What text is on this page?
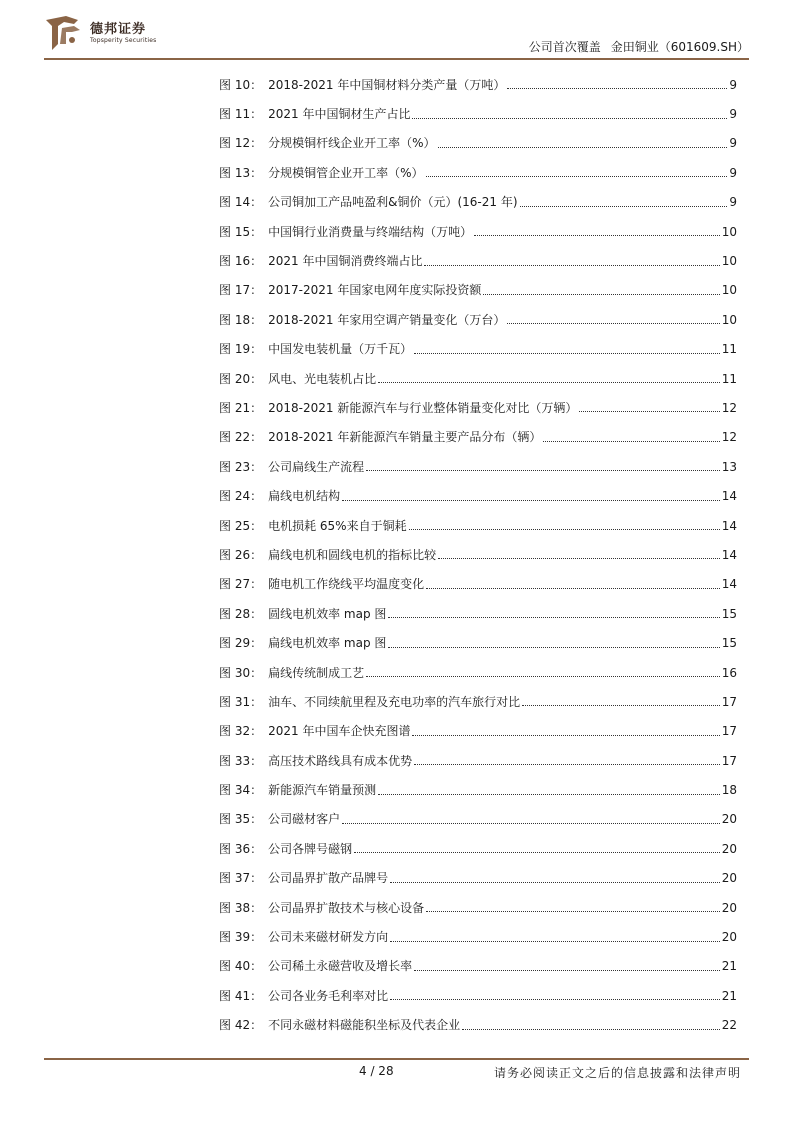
德邦证券
Topsperity Securities	公司首次覆盖 金田铜业（601609.SH）
图 10： 2018-2021 年中国铜材料分类产量（万吨）	9
图 11： 2021 年中国铜材生产占比	9
图 12： 分规模铜杆线企业开工率（%）	9
图 13： 分规模铜管企业开工率（%）	9
图 14： 公司铜加工产品吨盈利&铜价（元）(16-21 年)	9
图 15： 中国铜行业消费量与终端结构（万吨）	10
图 16： 2021 年中国铜消费终端占比	10
图 17： 2017-2021 年国家电网年度实际投资额	10
图 18： 2018-2021 年家用空调产销量变化（万台）	10
图 19： 中国发电装机量（万千瓦）	11
图 20： 风电、光电装机占比	11
图 21： 2018-2021 新能源汽车与行业整体销量变化对比（万辆）	12
图 22： 2018-2021 年新能源汽车销量主要产品分布（辆）	12
图 23： 公司扁线生产流程	13
图 24： 扁线电机结构	14
图 25： 电机损耗 65%来自于铜耗	14
图 26： 扁线电机和圆线电机的指标比较	14
图 27： 随电机工作绕线平均温度变化	14
图 28： 圆线电机效率 map 图	15
图 29： 扁线电机效率 map 图	15
图 30： 扁线传统制成工艺	16
图 31： 油车、不同续航里程及充电功率的汽车旅行对比	17
图 32： 2021 年中国车企快充图谱	17
图 33： 高压技术路线具有成本优势	17
图 34： 新能源汽车销量预测	18
图 35： 公司磁材客户	20
图 36： 公司各牌号磁钢	20
图 37： 公司晶界扩散产品牌号	20
图 38： 公司晶界扩散技术与核心设备	20
图 39： 公司未来磁材研发方向	20
图 40： 公司稀土永磁营收及增长率	21
图 41： 公司各业务毛利率对比	21
图 42： 不同永磁材料磁能积坐标及代表企业	22
4 / 28	请务必阅读正文之后的信息披露和法律声明
